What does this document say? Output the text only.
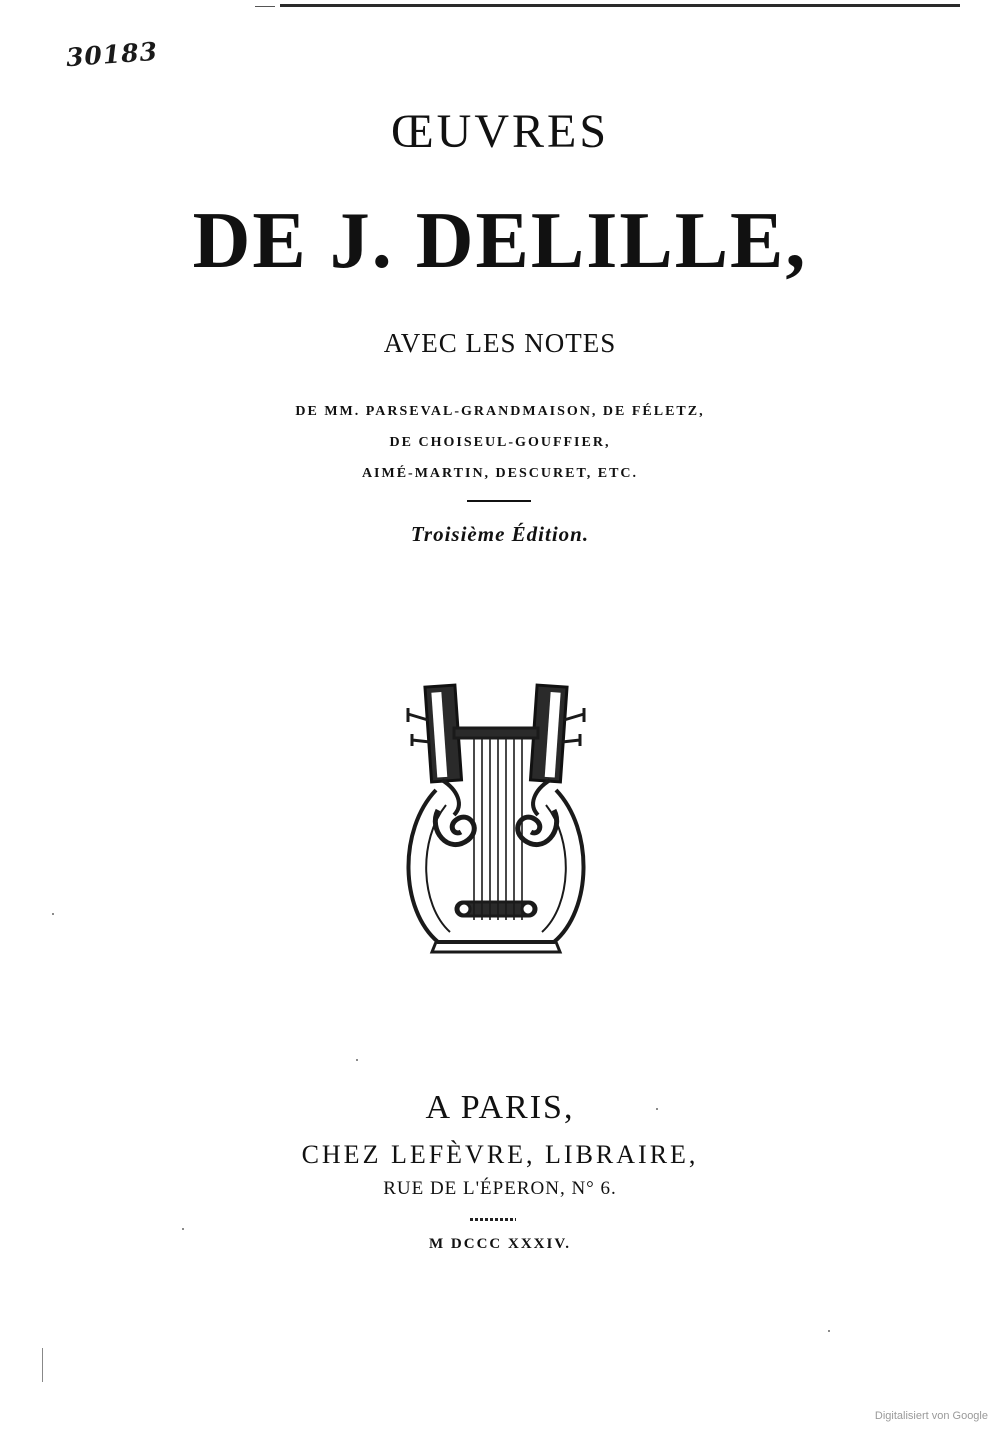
30183
ŒUVRES
DE J. DELILLE,
AVEC LES NOTES
DE MM. PARSEVAL-GRANDMAISON, DE FÉLETZ,
DE CHOISEUL-GOUFFIER,
AIMÉ-MARTIN, DESCURET, ETC.
Troisième Édition.
A PARIS,
CHEZ LEFÈVRE, LIBRAIRE,
RUE DE L'ÉPERON, N° 6.
M DCCC XXXIV.
Digitalisiert von Google
